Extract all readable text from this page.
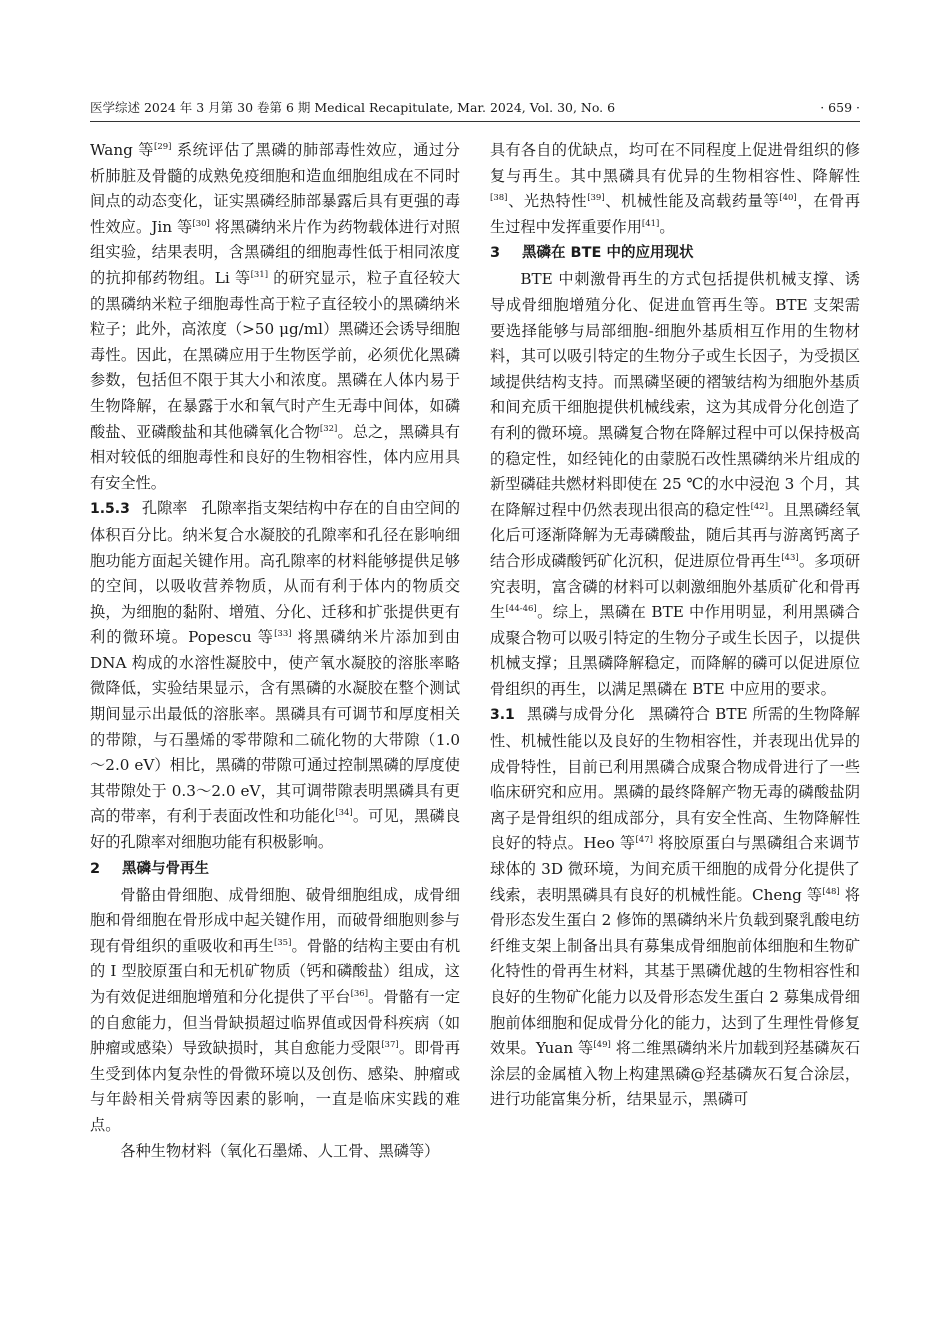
医学综述 2024 年 3 月第 30 卷第 6 期 Medical Recapitulate, Mar. 2024, Vol. 30, No. 6	· 659 ·

Wang 等[29] 系统评估了黑磷的肺部毒性效应，通过分析肺脏及骨髓的成熟免疫细胞和造血细胞组成在不同时间点的动态变化，证实黑磷经肺部暴露后具有更强的毒性效应。Jin 等[30] 将黑磷纳米片作为药物载体进行对照组实验，结果表明，含黑磷组的细胞毒性低于相同浓度的抗抑郁药物组。Li 等[31] 的研究显示，粒子直径较大的黑磷纳米粒子细胞毒性高于粒子直径较小的黑磷纳米粒子；此外，高浓度（>50 μg/ml）黑磷还会诱导细胞毒性。因此，在黑磷应用于生物医学前，必须优化黑磷参数，包括但不限于其大小和浓度。黑磷在人体内易于生物降解，在暴露于水和氧气时产生无毒中间体，如磷酸盐、亚磷酸盐和其他磷氧化合物[32]。总之，黑磷具有相对较低的细胞毒性和良好的生物相容性，体内应用具有安全性。

1.5.3 孔隙率 孔隙率指支架结构中存在的自由空间的体积百分比。纳米复合水凝胶的孔隙率和孔径在影响细胞功能方面起关键作用。高孔隙率的材料能够提供足够的空间，以吸收营养物质，从而有利于体内的物质交换，为细胞的黏附、增殖、分化、迁移和扩张提供更有利的微环境。Popescu 等[33] 将黑磷纳米片添加到由 DNA 构成的水溶性凝胶中，使产氧水凝胶的溶胀率略微降低，实验结果显示，含有黑磷的水凝胶在整个测试期间显示出最低的溶胀率。黑磷具有可调节和厚度相关的带隙，与石墨烯的零带隙和二硫化物的大带隙（1.0～2.0 eV）相比，黑磷的带隙可通过控制黑磷的厚度使其带隙处于 0.3～2.0 eV，其可调带隙表明黑磷具有更高的带率，有利于表面改性和功能化[34]。可见，黑磷良好的孔隙率对细胞功能有积极影响。

2 黑磷与骨再生

骨骼由骨细胞、成骨细胞、破骨细胞组成，成骨细胞和骨细胞在骨形成中起关键作用，而破骨细胞则参与现有骨组织的重吸收和再生[35]。骨骼的结构主要由有机的 I 型胶原蛋白和无机矿物质（钙和磷酸盐）组成，这为有效促进细胞增殖和分化提供了平台[36]。骨骼有一定的自愈能力，但当骨缺损超过临界值或因骨科疾病（如肿瘤或感染）导致缺损时，其自愈能力受限[37]。即骨再生受到体内复杂性的骨微环境以及创伤、感染、肿瘤或与年龄相关骨病等因素的影响，一直是临床实践的难点。

各种生物材料（氧化石墨烯、人工骨、黑磷等）

具有各自的优缺点，均可在不同程度上促进骨组织的修复与再生。其中黑磷具有优异的生物相容性、降解性[38]、光热特性[39]、机械性能及高载药量等[40]，在骨再生过程中发挥重要作用[41]。

3 黑磷在 BTE 中的应用现状

BTE 中刺激骨再生的方式包括提供机械支撑、诱导成骨细胞增殖分化、促进血管再生等。BTE 支架需要选择能够与局部细胞-细胞外基质相互作用的生物材料，其可以吸引特定的生物分子或生长因子，为受损区域提供结构支持。而黑磷坚硬的褶皱结构为细胞外基质和间充质干细胞提供机械线索，这为其成骨分化创造了有利的微环境。黑磷复合物在降解过程中可以保持极高的稳定性，如经钝化的由蒙脱石改性黑磷纳米片组成的新型磷硅共燃材料即使在 25 ℃的水中浸泡 3 个月，其在降解过程中仍然表现出很高的稳定性[42]。且黑磷经氧化后可逐渐降解为无毒磷酸盐，随后其再与游离钙离子结合形成磷酸钙矿化沉积，促进原位骨再生[43]。多项研究表明，富含磷的材料可以刺激细胞外基质矿化和骨再生[44-46]。综上，黑磷在 BTE 中作用明显，利用黑磷合成聚合物可以吸引特定的生物分子或生长因子，以提供机械支撑；且黑磷降解稳定，而降解的磷可以促进原位骨组织的再生，以满足黑磷在 BTE 中应用的要求。

3.1 黑磷与成骨分化 黑磷符合 BTE 所需的生物降解性、机械性能以及良好的生物相容性，并表现出优异的成骨特性，目前已利用黑磷合成聚合物成骨进行了一些临床研究和应用。黑磷的最终降解产物无毒的磷酸盐阴离子是骨组织的组成部分，具有安全性高、生物降解性良好的特点。Heo 等[47] 将胶原蛋白与黑磷组合来调节球体的 3D 微环境，为间充质干细胞的成骨分化提供了线索，表明黑磷具有良好的机械性能。Cheng 等[48] 将骨形态发生蛋白 2 修饰的黑磷纳米片负载到聚乳酸电纺纤维支架上制备出具有募集成骨细胞前体细胞和生物矿化特性的骨再生材料，其基于黑磷优越的生物相容性和良好的生物矿化能力以及骨形态发生蛋白 2 募集成骨细胞前体细胞和促成骨分化的能力，达到了生理性骨修复效果。Yuan 等[49] 将二维黑磷纳米片加载到羟基磷灰石涂层的金属植入物上构建黑磷@羟基磷灰石复合涂层，进行功能富集分析，结果显示，黑磷可
